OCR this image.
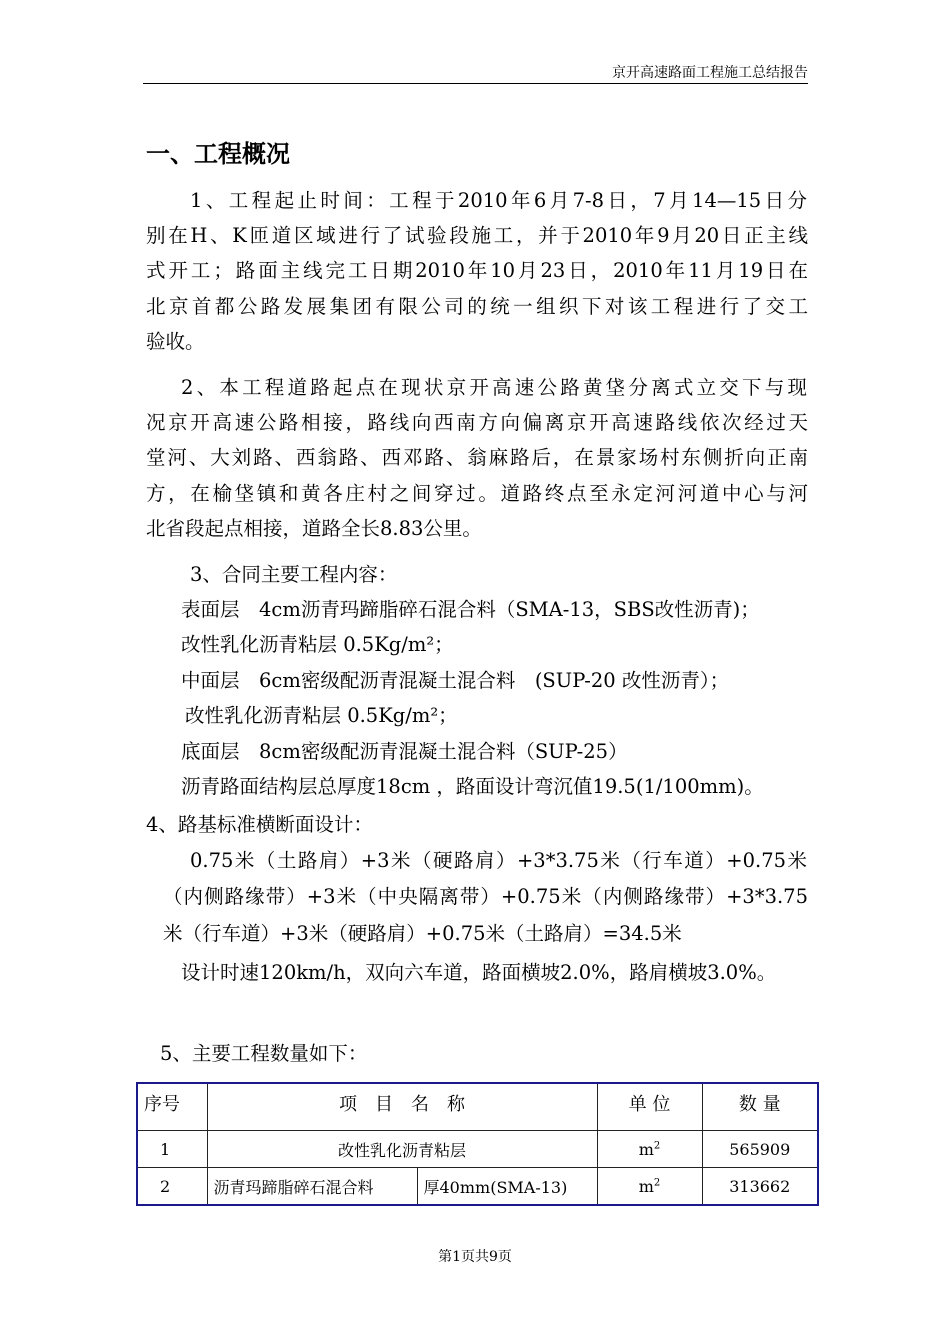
京开高速路面工程施工总结报告
一、工程概况
1、工程起止时间：工程于2010年6月7-8日，7月14—15日分
别在H、K匝道区域进行了试验段施工，并于2010年9月20日正主线
式开工；路面主线完工日期2010年10月23日，2010年11月19日在
北京首都公路发展集团有限公司的统一组织下对该工程进行了交工
验收。
2、本工程道路起点在现状京开高速公路黄垡分离式立交下与现
况京开高速公路相接，路线向西南方向偏离京开高速路线依次经过天
堂河、大刘路、西翁路、西邓路、翁麻路后，在景家场村东侧折向正南
方，在榆垡镇和黄各庄村之间穿过。道路终点至永定河河道中心与河
北省段起点相接，道路全长8.83公里。
3、合同主要工程内容：
表面层　4cm沥青玛蹄脂碎石混合料（SMA-13，SBS改性沥青)；
改性乳化沥青粘层 0.5Kg/m²；
中面层　6cm密级配沥青混凝土混合料　(SUP-20 改性沥青）；
改性乳化沥青粘层 0.5Kg/m²；
底面层　8cm密级配沥青混凝土混合料（SUP-25）
沥青路面结构层总厚度18cm ，路面设计弯沉值19.5(1/100mm)。
4、路基标准横断面设计：
0.75米（土路肩）+3米（硬路肩）+3*3.75米（行车道）+0.75米
（内侧路缘带）+3米（中央隔离带）+0.75米（内侧路缘带）+3*3.75
米（行车道）+3米（硬路肩）+0.75米（土路肩）=34.5米
设计时速120km/h，双向六车道，路面横坡2.0%，路肩横坡3.0%。
5、主要工程数量如下：
序号	项　目　名　称		单 位	数 量
1	改性乳化沥青粘层		$m^2$	565909
2	沥青玛蹄脂碎石混合料	厚40mm(SMA-13)	$m^2$	313662
第1页共9页
